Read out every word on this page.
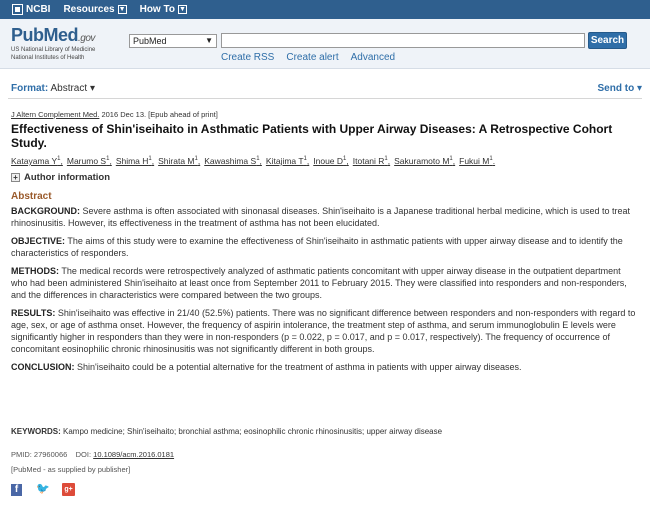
NCBI Resources ▼ How To ▼
PubMed.gov
US National Library of Medicine
National Institutes of Health
PubMed	▼	Search
Create RSS Create alert Advanced
Format: Abstract ▾	Send to ▾
J Altern Complement Med. 2016 Dec 13. [Epub ahead of print]
Effectiveness of Shin'iseihaito in Asthmatic Patients with Upper Airway Diseases: A Retrospective Cohort Study.
Katayama $Y^1$, Marumo $S^1$, Shima $H^1$, Shirata $M^1$, Kawashima $S^1$, Kitajima $T^1$, Inoue $D^1$, Itotani $R^1$, Sakuramoto $M^1$, Fukui $M^1$.
+ Author information
Abstract
BACKGROUND: Severe asthma is often associated with sinonasal diseases. Shin'iseihaito is a Japanese traditional herbal medicine, which is used to treat rhinosinusitis. However, its effectiveness in the treatment of asthma has not been elucidated.
OBJECTIVE: The aims of this study were to examine the effectiveness of Shin'iseihaito in asthmatic patients with upper airway disease and to identify the characteristics of responders.
METHODS: The medical records were retrospectively analyzed of asthmatic patients concomitant with upper airway disease in the outpatient department who had been administered Shin'iseihaito at least once from September 2011 to February 2015. They were classified into responders and non-responders, and the differences in characteristics were compared between the two groups.
RESULTS: Shin'iseihaito was effective in 21/40 (52.5%) patients. There was no significant difference between responders and non-responders with regard to age, sex, or age of asthma onset. However, the frequency of aspirin intolerance, the treatment step of asthma, and serum immunoglobulin E levels were significantly higher in responders than they were in non-responders (p = 0.022, p = 0.017, and p = 0.017, respectively). The frequency of occurrence of concomitant eosinophilic chronic rhinosinusitis was not significantly different in both groups.
CONCLUSION: Shin'iseihaito could be a potential alternative for the treatment of asthma in patients with upper airway diseases.
KEYWORDS: Kampo medicine; Shin'iseihaito; bronchial asthma; eosinophilic chronic rhinosinusitis; upper airway disease
PMID: 27960066 DOI: 10.1089/acm.2016.0181
[PubMed - as supplied by publisher]
f	🐦	g+
